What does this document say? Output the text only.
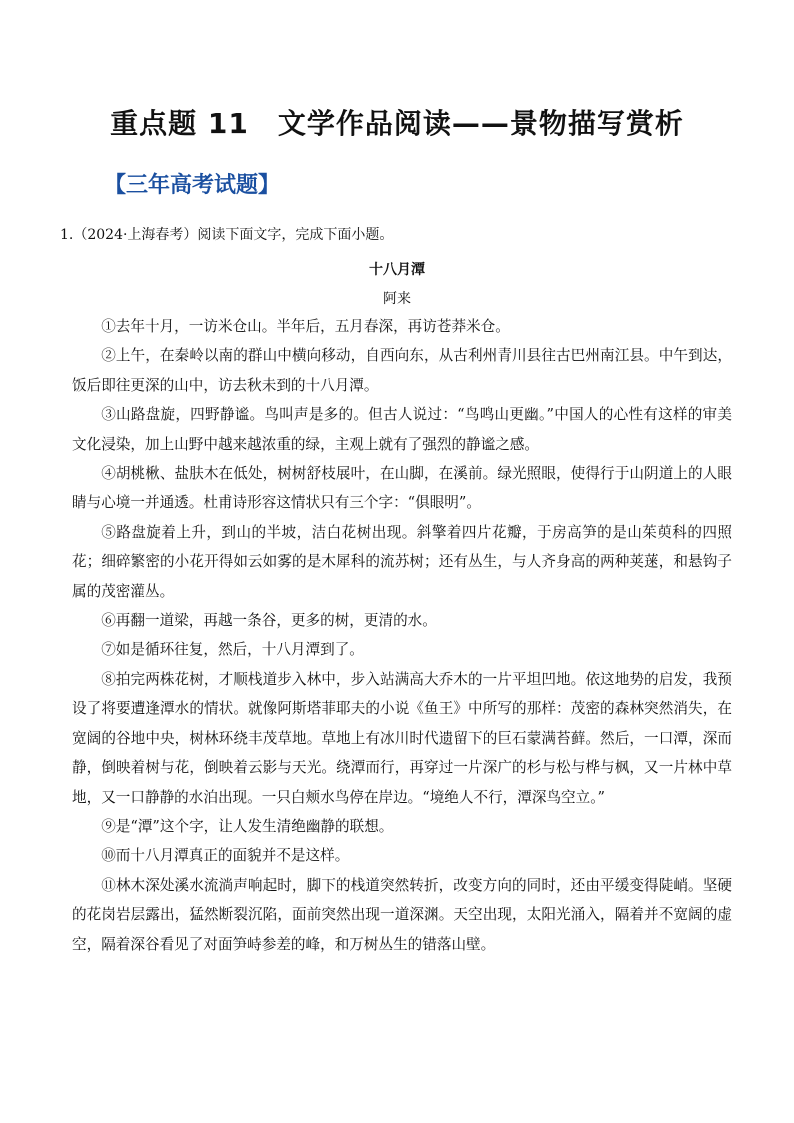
重点题 11　文学作品阅读——景物描写赏析
【三年高考试题】
1.（2024·上海春考）阅读下面文字，完成下面小题。
十八月潭
阿来

①去年十月，一访米仓山。半年后，五月春深，再访苍莽米仓。

②上午，在秦岭以南的群山中横向移动，自西向东，从古利州青川县往古巴州南江县。中午到达，饭后即往更深的山中，访去秋未到的十八月潭。

③山路盘旋，四野静谧。鸟叫声是多的。但古人说过：“鸟鸣山更幽。”中国人的心性有这样的审美文化浸染，加上山野中越来越浓重的绿，主观上就有了强烈的静谧之感。

④胡桃楸、盐肤木在低处，树树舒枝展叶，在山脚，在溪前。绿光照眼，使得行于山阴道上的人眼睛与心境一并通透。杜甫诗形容这情状只有三个字：“俱眼明”。

⑤路盘旋着上升，到山的半坡，洁白花树出现。斜擎着四片花瓣，于房高笋的是山茱萸科的四照花；细碎繁密的小花开得如云如雾的是木犀科的流苏树；还有丛生，与人齐身高的两种荚蒾，和悬钩子属的茂密灌丛。

⑥再翻一道梁，再越一条谷，更多的树，更清的水。

⑦如是循环往复，然后，十八月潭到了。

⑧拍完两株花树，才顺栈道步入林中，步入站满高大乔木的一片平坦凹地。依这地势的启发，我预设了将要遭逢潭水的情状。就像阿斯塔菲耶夫的小说《鱼王》中所写的那样：茂密的森林突然消失，在宽阔的谷地中央，树林环绕丰茂草地。草地上有冰川时代遗留下的巨石蒙满苔藓。然后，一口潭，深而静，倒映着树与花，倒映着云影与天光。绕潭而行，再穿过一片深广的杉与松与桦与枫，又一片林中草地，又一口静静的水泊出现。一只白颊水鸟停在岸边。“境绝人不行，潭深鸟空立。”

⑨是“潭”这个字，让人发生清绝幽静的联想。

⑩而十八月潭真正的面貌并不是这样。

⑪林木深处溪水流淌声响起时，脚下的栈道突然转折，改变方向的同时，还由平缓变得陡峭。坚硬的花岗岩层露出，猛然断裂沉陷，面前突然出现一道深渊。天空出现，太阳光涌入，隔着并不宽阔的虚空，隔着深谷看见了对面笋峙参差的峰，和万树丛生的错落山壁。
